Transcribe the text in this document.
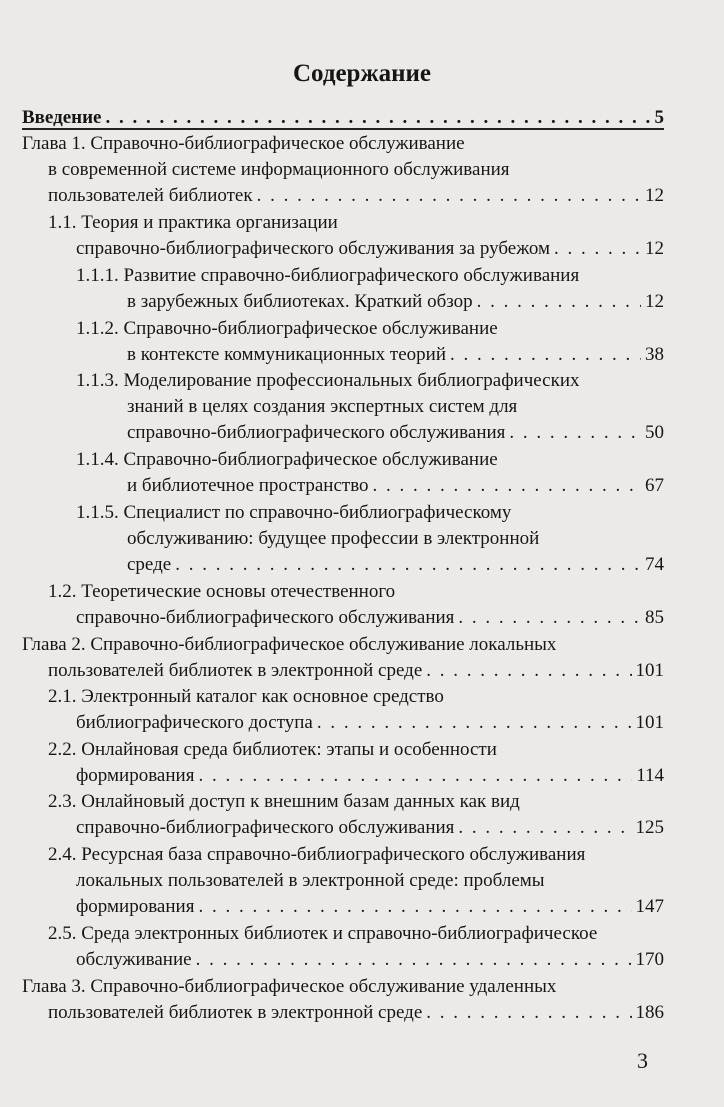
Содержание
Введение . . .	5
Глава 1. Справочно-библиографическое обслуживание
в современной системе информационного обслуживания
пользователей библиотек . . .	12
1.1. Теория и практика организации
справочно-библиографического обслуживания за рубежом . . .	12
1.1.1. Развитие справочно-библиографического обслуживания
в зарубежных библиотеках. Краткий обзор . . .	12
1.1.2. Справочно-библиографическое обслуживание
в контексте коммуникационных теорий . . .	38
1.1.3. Моделирование профессиональных библиографических
знаний в целях создания экспертных систем для
справочно-библиографического обслуживания . . .	50
1.1.4. Справочно-библиографическое обслуживание
и библиотечное пространство . . .	67
1.1.5. Специалист по справочно-библиографическому
обслуживанию: будущее профессии в электронной
среде . . .	74
1.2. Теоретические основы отечественного
справочно-библиографического обслуживания . . .	85
Глава 2. Справочно-библиографическое обслуживание локальных
пользователей библиотек в электронной среде . . .	101
2.1. Электронный каталог как основное средство
библиографического доступа . . .	101
2.2. Онлайновая среда библиотек: этапы и особенности
формирования . . .	114
2.3. Онлайновый доступ к внешним базам данных как вид
справочно-библиографического обслуживания . . .	125
2.4. Ресурсная база справочно-библиографического обслуживания
локальных пользователей в электронной среде: проблемы
формирования . . .	147
2.5. Среда электронных библиотек и справочно-библиографическое
обслуживание . . .	170
Глава 3. Справочно-библиографическое обслуживание удаленных
пользователей библиотек в электронной среде . . .	186
3
